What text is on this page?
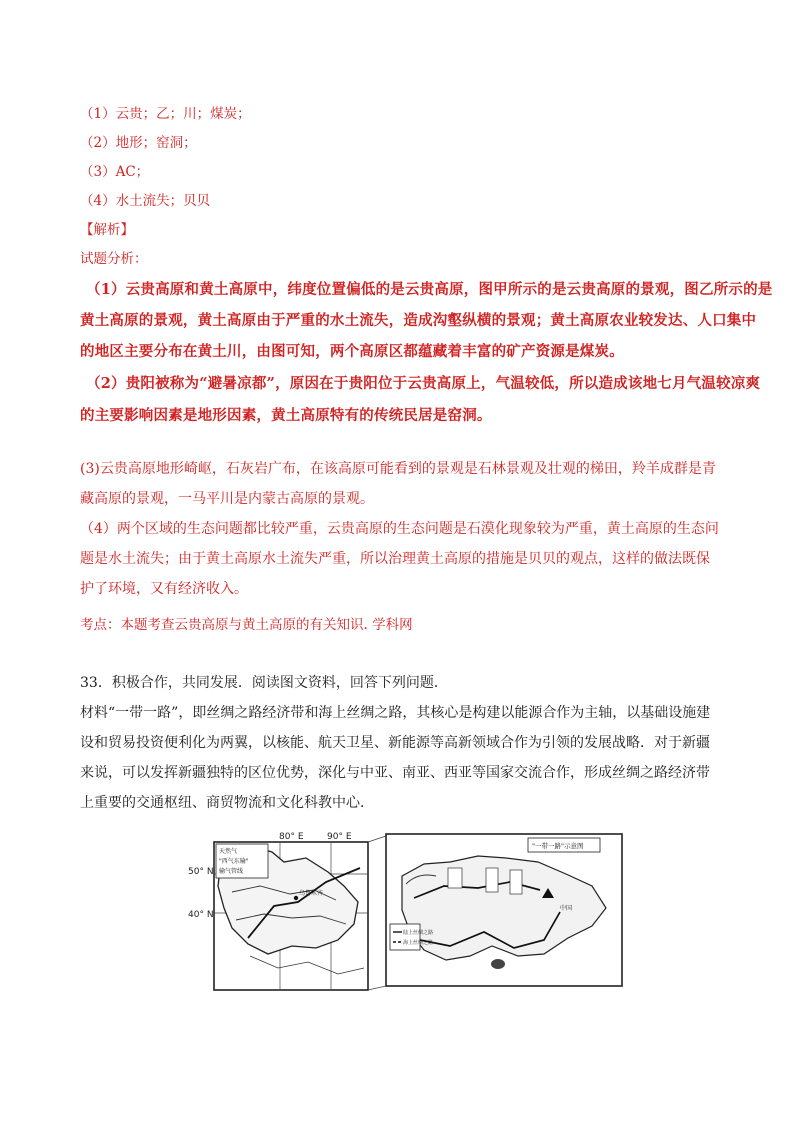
（1）云贵；乙；川；煤炭；
（2）地形；窑洞；
（3）AC；
（4）水土流失；贝贝
【解析】
试题分析：
（1）云贵高原和黄土高原中，纬度位置偏低的是云贵高原，图甲所示的是云贵高原的景观，图乙所示的是
黄土高原的景观，黄土高原由于严重的水土流失，造成沟壑纵横的景观；黄土高原农业较发达、人口集中
的地区主要分布在黄土川，由图可知，两个高原区都蕴藏着丰富的矿产资源是煤炭。
（2）贵阳被称为“避暑凉都”，原因在于贵阳位于云贵高原上，气温较低，所以造成该地七月气温较凉爽
的主要影响因素是地形因素，黄土高原特有的传统民居是窑洞。
(3)云贵高原地形崎岖，石灰岩广布，在该高原可能看到的景观是石林景观及壮观的梯田，羚羊成群是青藏高原的景观，一马平川是内蒙古高原的景观。
（4）两个区域的生态问题都比较严重，云贵高原的生态问题是石漠化现象较为严重，黄土高原的生态问题是水土流失；由于黄土高原水土流失严重，所以治理黄土高原的措施是贝贝的观点，这样的做法既保护了环境，又有经济收入。
考点：本题考查云贵高原与黄土高原的有关知识. 学科网
33．积极合作，共同发展．阅读图文资料，回答下列问题．
材料“一带一路”，即丝绸之路经济带和海上丝绸之路，其核心是构建以能源合作为主轴，以基础设施建设和贸易投资便利化为两翼，以核能、航天卫星、新能源等高新领域合作为引领的发展战略．对于新疆来说，可以发挥新疆独特的区位优势，深化与中亚、南亚、西亚等国家交流合作，形成丝绸之路经济带上重要的交通枢纽、商贸物流和文化科教中心．
80° E	90° E
50° N
40° N
天然气
"西气东输"
输气管线
乌鲁木齐
"一带一路"示意图
陆上丝绸之路
海上丝绸之路
中国
